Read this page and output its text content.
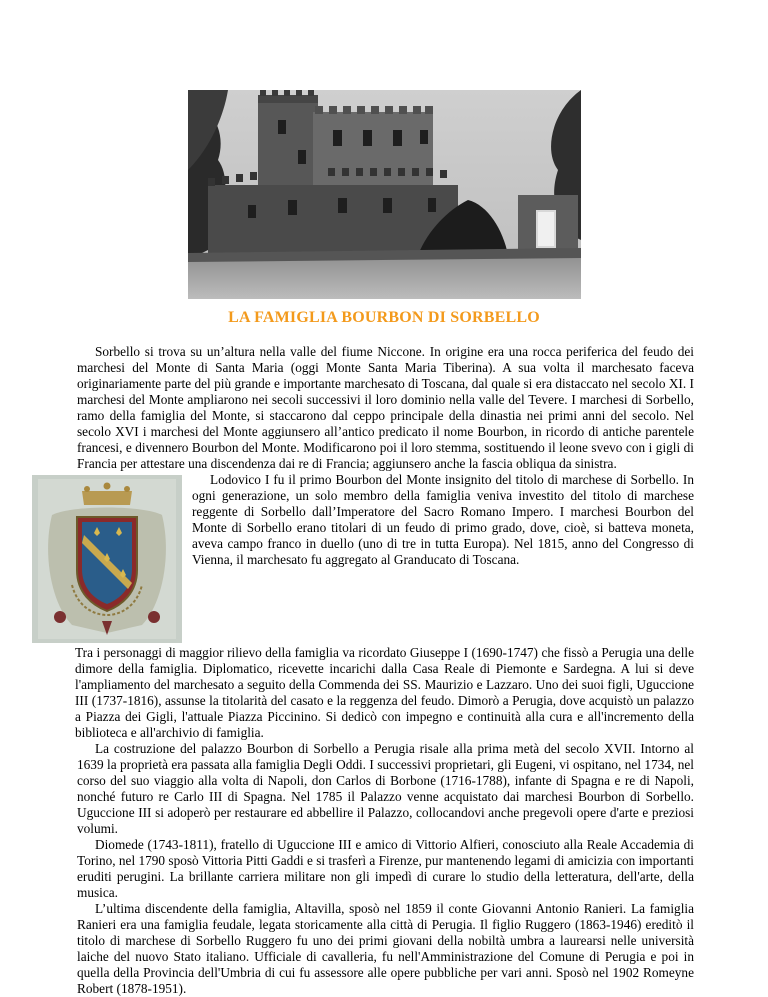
LA FAMIGLIA BOURBON DI SORBELLO

Sorbello si trova su un’altura nella valle del fiume Niccone. In origine era una rocca periferica del feudo dei marchesi del Monte di Santa Maria (oggi Monte Santa Maria Tiberina). A sua volta il marchesato faceva originariamente parte del più grande e importante marchesato di Toscana, dal quale si era distaccato nel secolo XI. I marchesi del Monte ampliarono nei secoli successivi il loro dominio nella valle del Tevere. I marchesi di Sorbello, ramo della famiglia del Monte, si staccarono dal ceppo principale della dinastia nei primi anni del secolo. Nel secolo XVI i marchesi del Monte aggiunsero all’antico predicato il nome Bourbon, in ricordo di antiche parentele francesi, e divennero Bourbon del Monte. Modificarono poi il loro stemma, sostituendo il leone svevo con i gigli di Francia per attestare una discendenza dai re di Francia; aggiunsero anche la fascia obliqua da sinistra.

Lodovico I fu il primo Bourbon del Monte insignito del titolo di marchese di Sorbello. In ogni generazione, un solo membro della famiglia veniva investito del titolo di marchese reggente di Sorbello dall’Imperatore del Sacro Romano Impero. I marchesi Bourbon del Monte di Sorbello erano titolari di un feudo di primo grado, dove, cioè, si batteva moneta, aveva campo franco in duello (uno di tre in tutta Europa). Nel 1815, anno del Congresso di Vienna, il marchesato fu aggregato al Granducato di Toscana.

Tra i personaggi di maggior rilievo della famiglia va ricordato Giuseppe I (1690-1747) che fissò a Perugia una delle dimore della famiglia. Diplomatico, ricevette incarichi dalla Casa Reale di Piemonte e Sardegna. A lui si deve l'ampliamento del marchesato a seguito della Commenda dei SS. Maurizio e Lazzaro. Uno dei suoi figli, Uguccione III (1737-1816), assunse la titolarità del casato e la reggenza del feudo. Dimorò a Perugia, dove acquistò un palazzo a Piazza dei Gigli, l'attuale Piazza Piccinino. Si dedicò con impegno e continuità alla cura e all'incremento della biblioteca e all'archivio di famiglia.

La costruzione del palazzo Bourbon di Sorbello a Perugia risale alla prima metà del secolo XVII. Intorno al 1639 la proprietà era passata alla famiglia Degli Oddi. I successivi proprietari, gli Eugeni, vi ospitano, nel 1734, nel corso del suo viaggio alla volta di Napoli, don Carlos di Borbone (1716-1788), infante di Spagna e re di Napoli, nonché futuro re Carlo III di Spagna. Nel 1785 il Palazzo venne acquistato dai marchesi Bourbon di Sorbello. Uguccione III si adoperò per restaurare ed abbellire il Palazzo, collocandovi anche pregevoli opere d'arte e preziosi volumi.

Diomede (1743-1811), fratello di Uguccione III e amico di Vittorio Alfieri, conosciuto alla Reale Accademia di Torino, nel 1790 sposò Vittoria Pitti Gaddi e si trasferì a Firenze, pur mantenendo legami di amicizia con importanti eruditi perugini. La brillante carriera militare non gli impedì di curare lo studio della letteratura, dell'arte, della musica.

L’ultima discendente della famiglia, Altavilla, sposò nel 1859 il conte Giovanni Antonio Ranieri. La famiglia Ranieri era una famiglia feudale, legata storicamente alla città di Perugia. Il figlio Ruggero (1863-1946) ereditò il titolo di marchese di Sorbello Ruggero fu uno dei primi giovani della nobiltà umbra a laurearsi nelle università laiche del nuovo Stato italiano. Ufficiale di cavalleria, fu nell'Amministrazione del Comune di Perugia e poi in quella della Provincia dell'Umbria di cui fu assessore alle opere pubbliche per vari anni. Sposò nel 1902 Romeyne Robert (1878-1951).
